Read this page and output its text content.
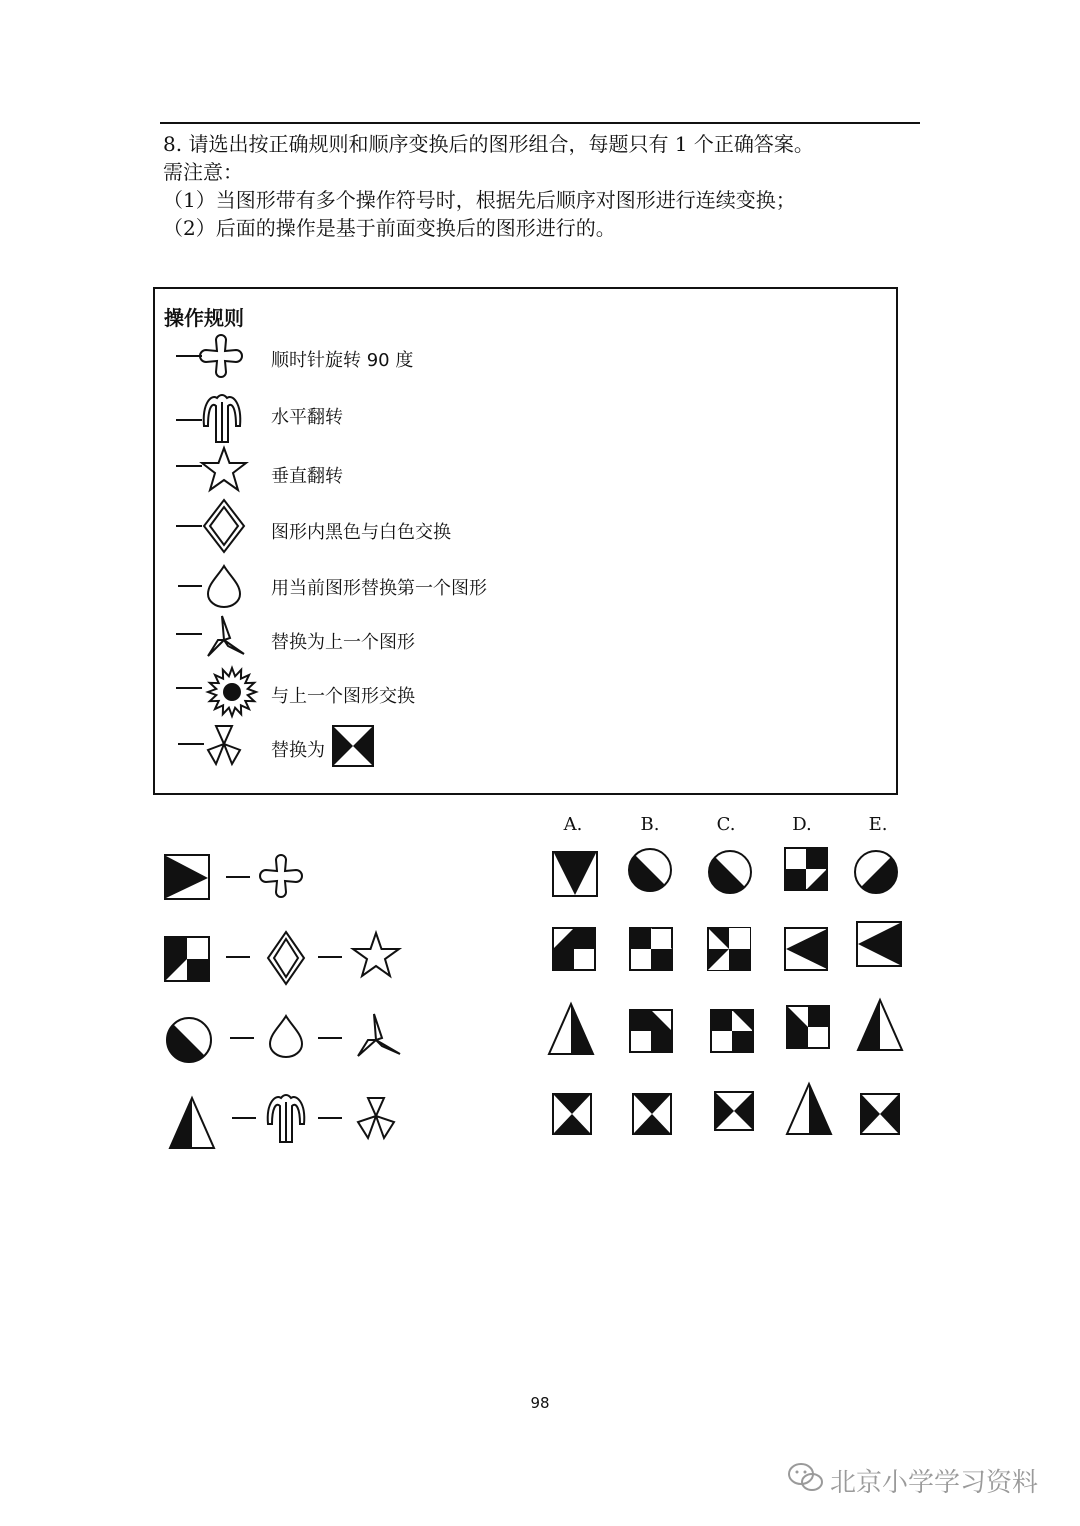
8. 请选出按正确规则和顺序变换后的图形组合，每题只有 1 个正确答案。
需注意：
（1）当图形带有多个操作符号时，根据先后顺序对图形进行连续变换；
（2）后面的操作是基于前面变换后的图形进行的。
操作规则
顺时针旋转 90 度
水平翻转
垂直翻转
图形内黑色与白色交换
用当前图形替换第一个图形
替换为上一个图形
与上一个图形交换
替换为
A.	B.	C.	D.	E.
98
北京小学学习资料
